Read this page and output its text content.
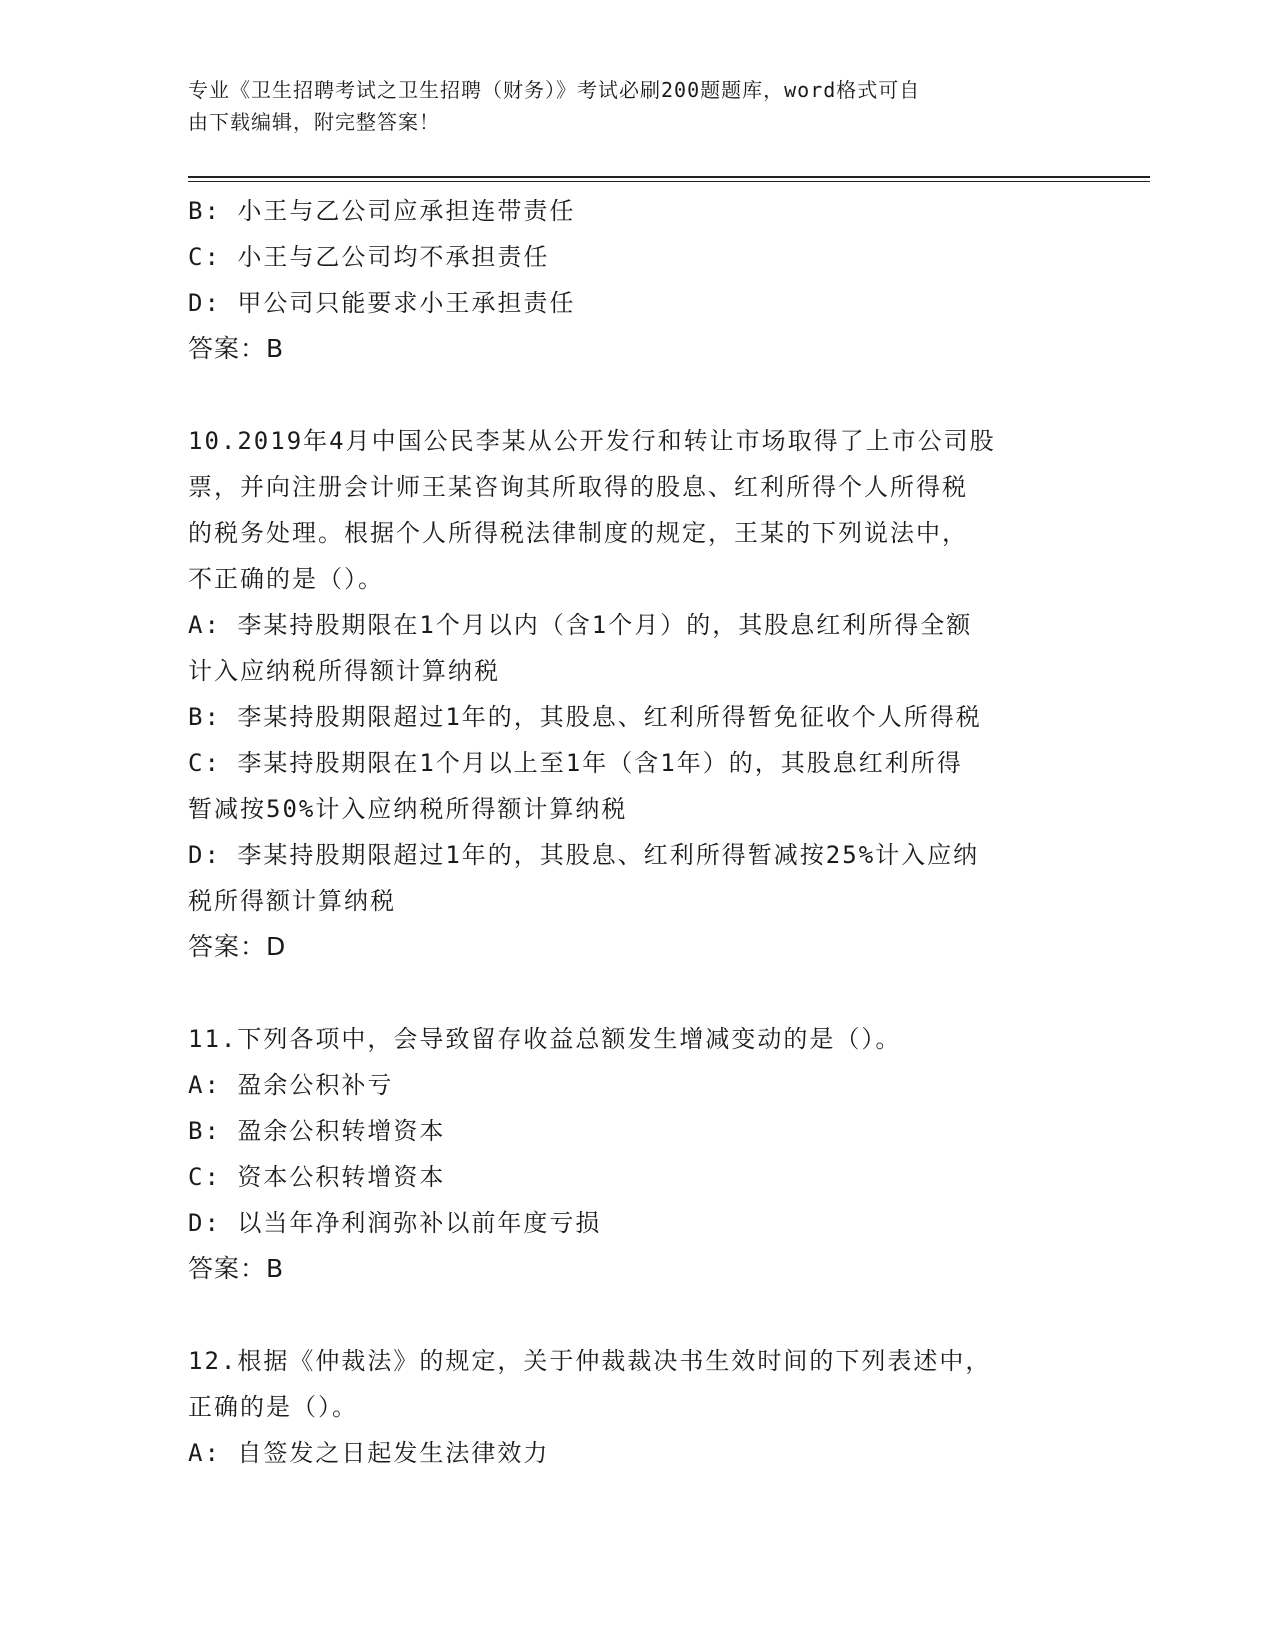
专业《卫生招聘考试之卫生招聘（财务）》考试必刷200题题库，word格式可自
由下载编辑，附完整答案！
B: 小王与乙公司应承担连带责任
C: 小王与乙公司均不承担责任
D: 甲公司只能要求小王承担责任
答案：B
10.2019年4月中国公民李某从公开发行和转让市场取得了上市公司股
票，并向注册会计师王某咨询其所取得的股息、红利所得个人所得税
的税务处理。根据个人所得税法律制度的规定，王某的下列说法中，
不正确的是（）。
A: 李某持股期限在1个月以内（含1个月）的，其股息红利所得全额
计入应纳税所得额计算纳税
B: 李某持股期限超过1年的，其股息、红利所得暂免征收个人所得税
C: 李某持股期限在1个月以上至1年（含1年）的，其股息红利所得
暂减按50%计入应纳税所得额计算纳税
D: 李某持股期限超过1年的，其股息、红利所得暂减按25%计入应纳
税所得额计算纳税
答案：D
11.下列各项中，会导致留存收益总额发生增减变动的是（）。
A: 盈余公积补亏
B: 盈余公积转增资本
C: 资本公积转增资本
D: 以当年净利润弥补以前年度亏损
答案：B
12.根据《仲裁法》的规定，关于仲裁裁决书生效时间的下列表述中，
正确的是（）。
A: 自签发之日起发生法律效力
